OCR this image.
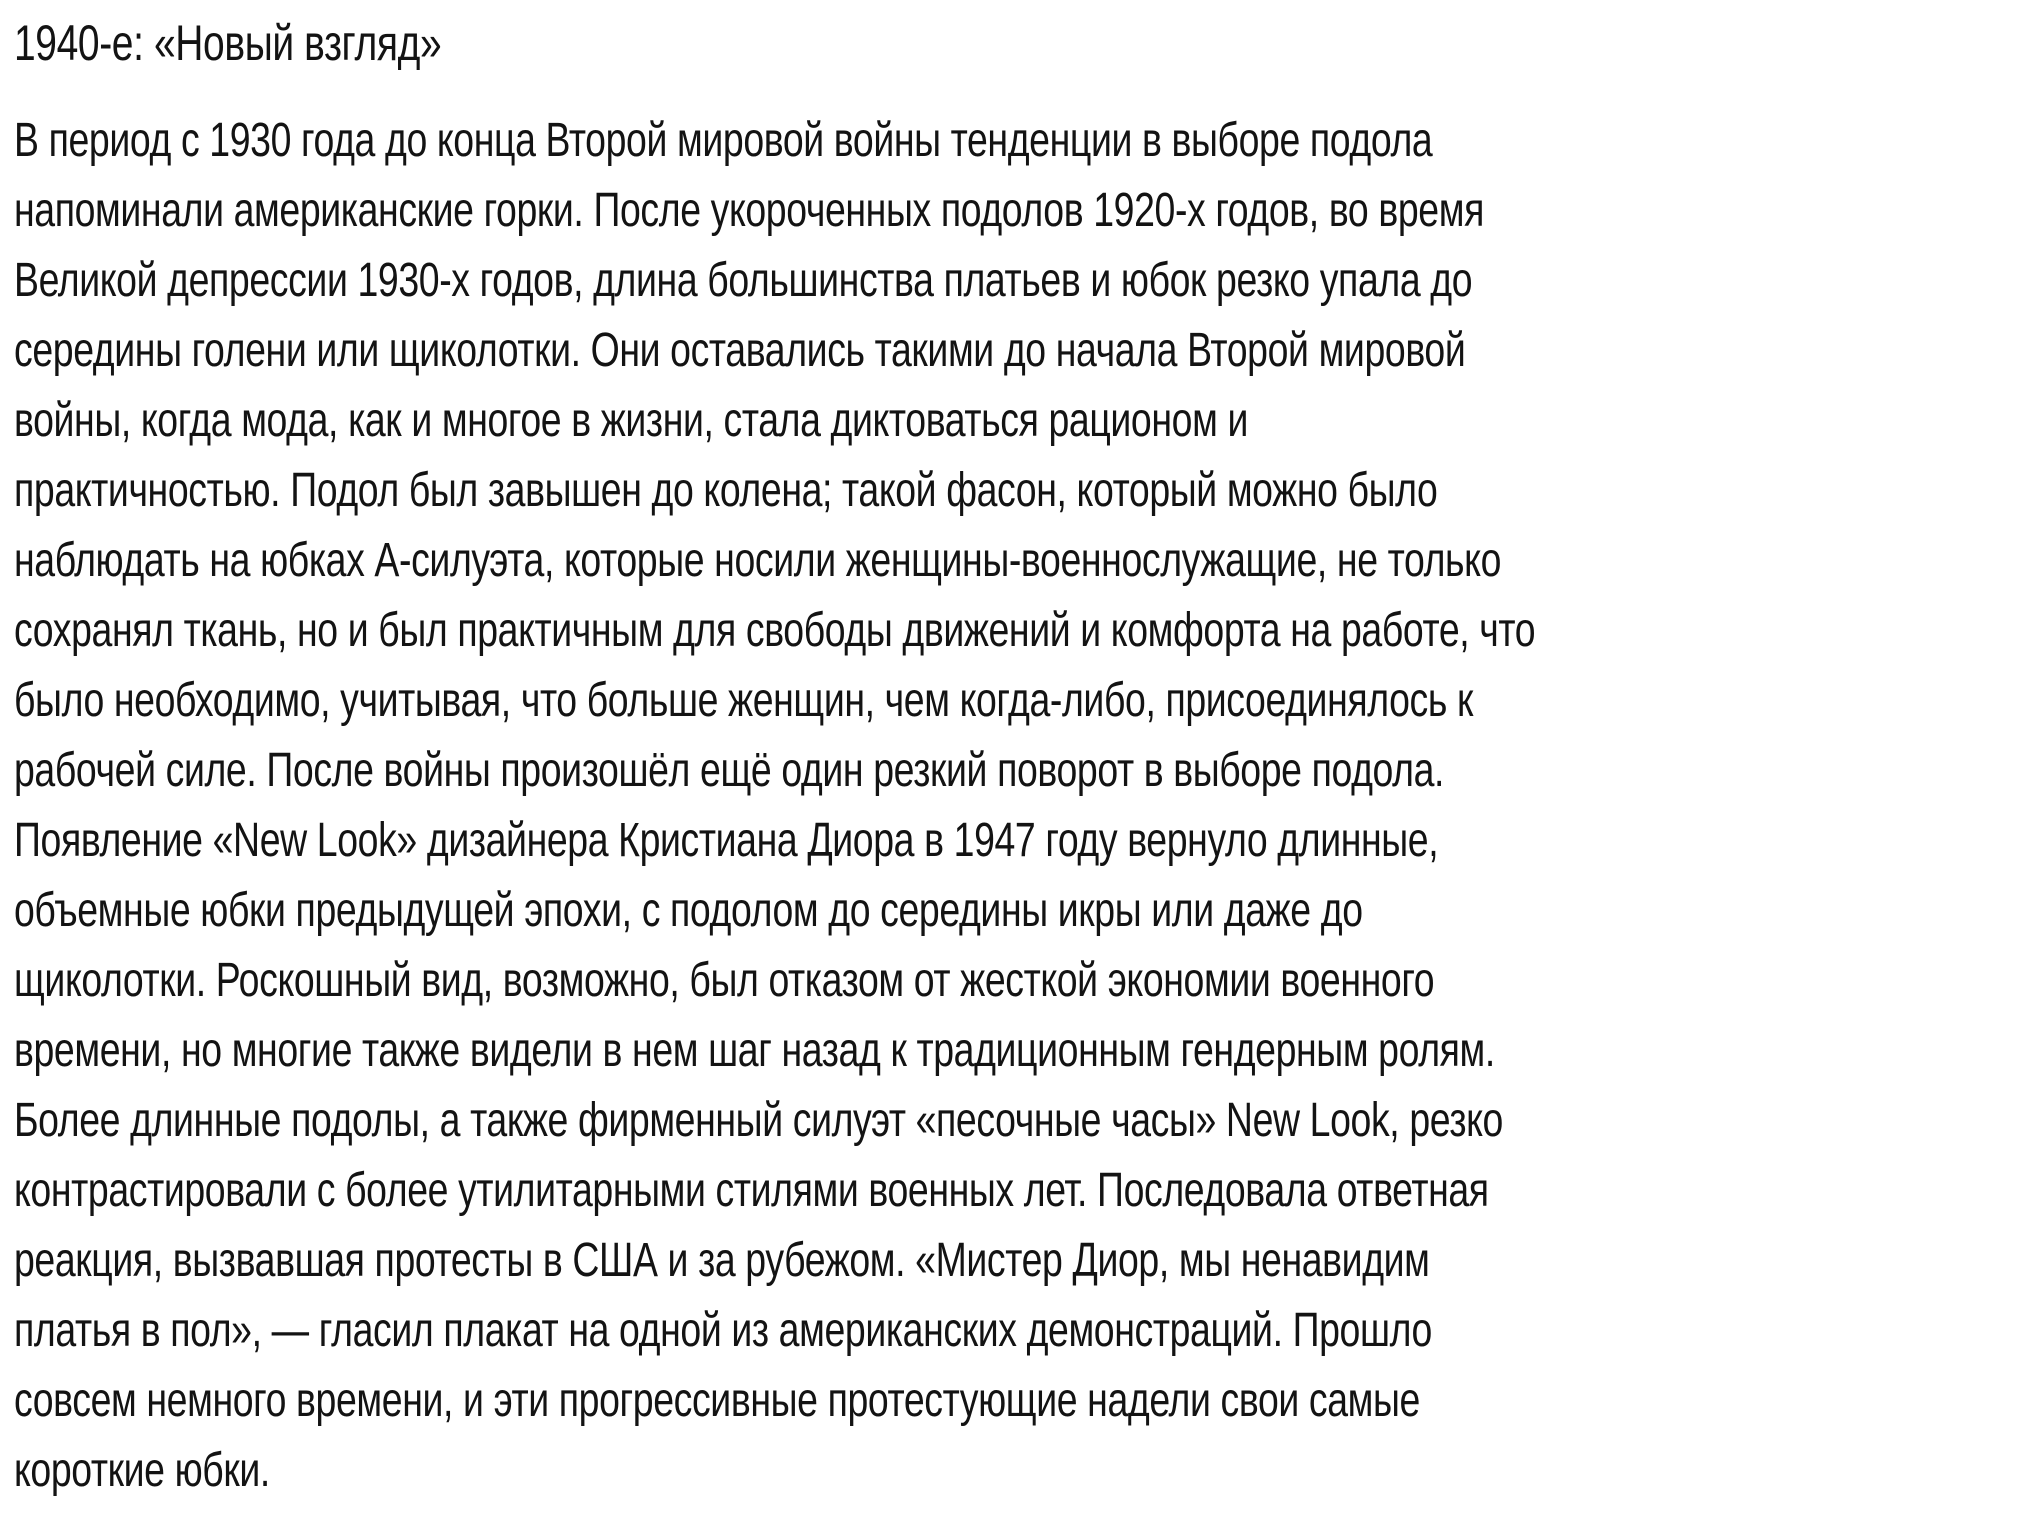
1940-е: «Новый взгляд»
В период с 1930 года до конца Второй мировой войны тенденции в выборе подола
напоминали американские горки. После укороченных подолов 1920-х годов, во время
Великой депрессии 1930-х годов, длина большинства платьев и юбок резко упала до
середины голени или щиколотки. Они оставались такими до начала Второй мировой
войны, когда мода, как и многое в жизни, стала диктоваться рационом и
практичностью. Подол был завышен до колена; такой фасон, который можно было
наблюдать на юбках А-силуэта, которые носили женщины-военнослужащие, не только
сохранял ткань, но и был практичным для свободы движений и комфорта на работе, что
было необходимо, учитывая, что больше женщин, чем когда-либо, присоединялось к
рабочей силе. После войны произошёл ещё один резкий поворот в выборе подола.
Появление «New Look» дизайнера Кристиана Диора в 1947 году вернуло длинные,
объемные юбки предыдущей эпохи, с подолом до середины икры или даже до
щиколотки. Роскошный вид, возможно, был отказом от жесткой экономии военного
времени, но многие также видели в нем шаг назад к традиционным гендерным ролям.
Более длинные подолы, а также фирменный силуэт «песочные часы» New Look, резко
контрастировали с более утилитарными стилями военных лет. Последовала ответная
реакция, вызвавшая протесты в США и за рубежом. «Мистер Диор, мы ненавидим
платья в пол», — гласил плакат на одной из американских демонстраций. Прошло
совсем немного времени, и эти прогрессивные протестующие надели свои самые
короткие юбки.
